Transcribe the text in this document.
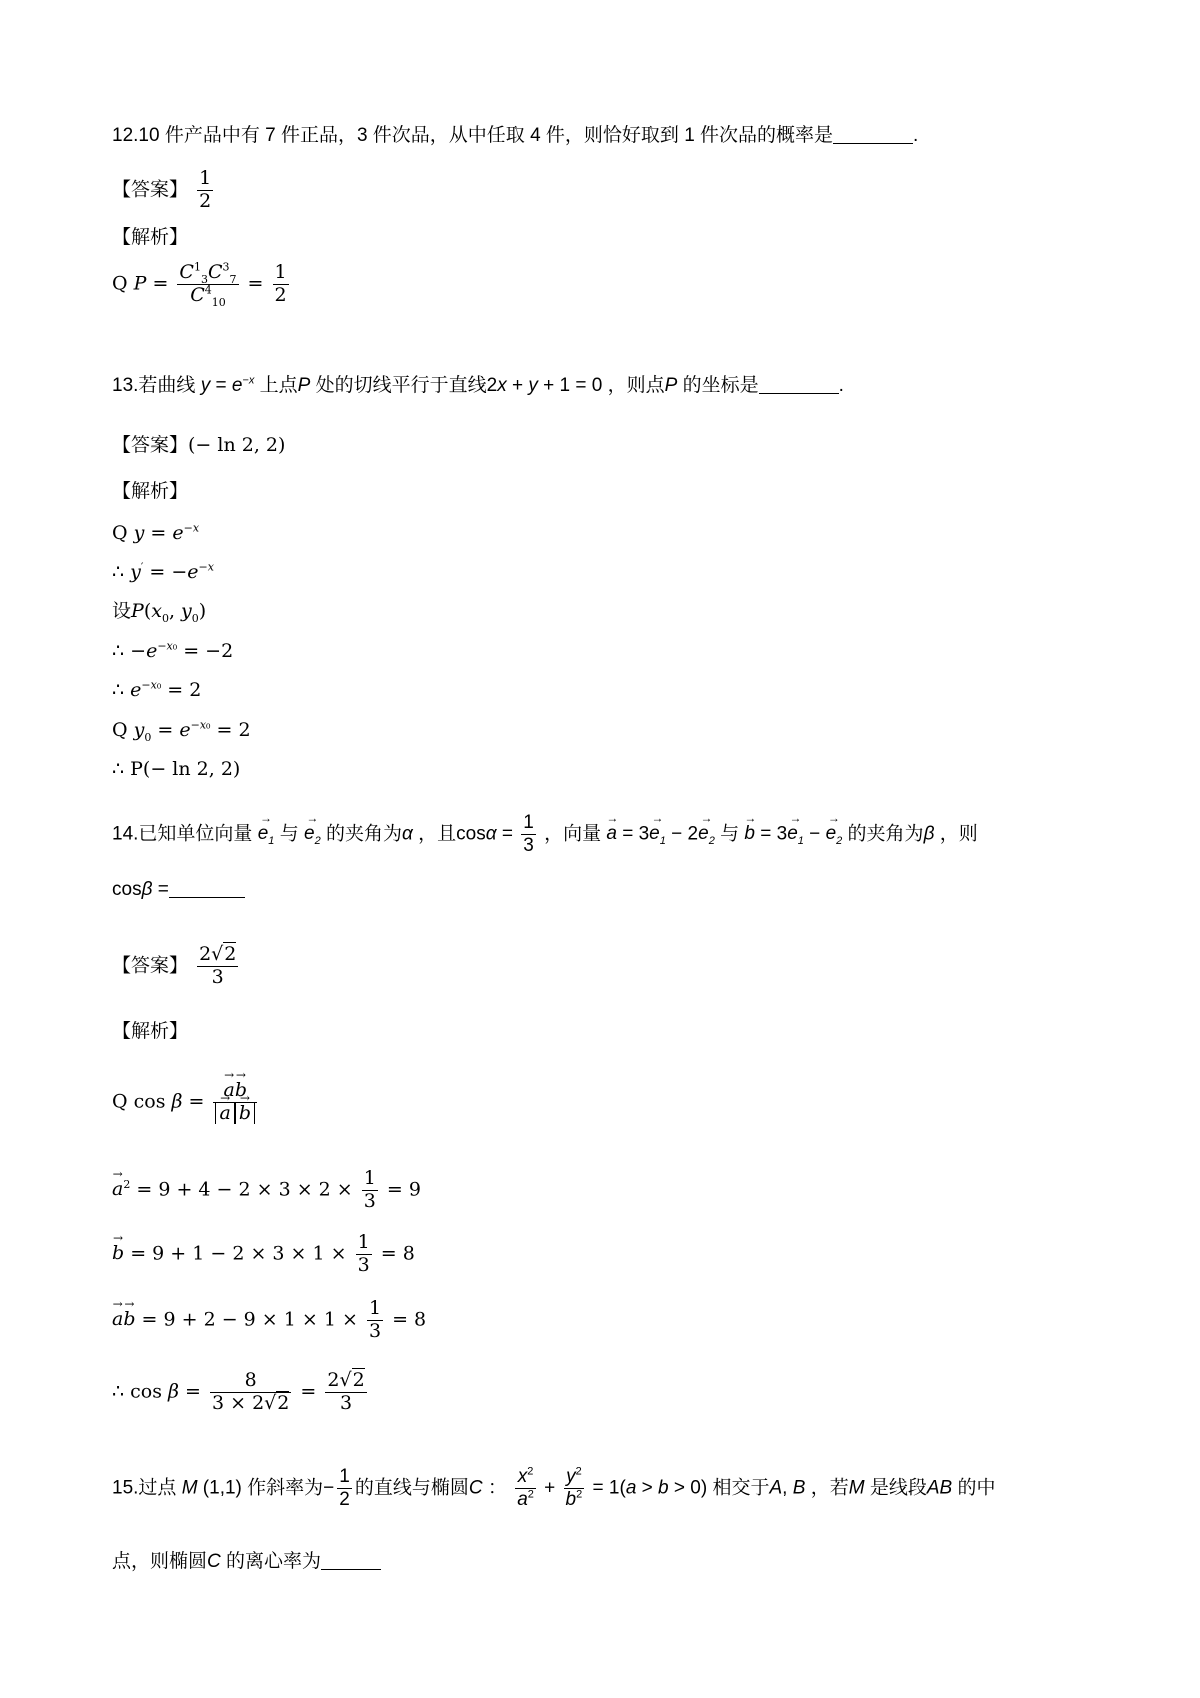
12.10 件产品中有 7 件正品，3 件次品，从中任取 4 件，则恰好取到 1 件次品的概率是	.
【答案】 $\frac{1}{2}$
【解析】
Q $P = \frac{C^1_3C^3_7}{C^4_{10}} = \frac{1}{2}$
13.若曲线 $y = e^{-x}$ 上点P 处的切线平行于直线2x + y + 1 = 0 ，则点P 的坐标是	.
【答案】(− ln 2, 2)
【解析】
Q $y = e^{-x}$
∴ $y' = -e^{-x}$
设$P(x_0$, $y_0$)
∴ $-e^{-x_0} = -2$
∴ $e^{-x_0} = 2$
Q $y_0 = e^{-x_0} = 2$
∴ P(− ln 2, 2)
14.已知单位向量 → $e_1$ 与 → $e_2$ 的夹角为α ，且$\cos\alpha = \frac{1}{3}$ ，向量 → $a = 3\to e_1 - 2\to e_2$ 与 → $b = 3\to e_1$ − → $e_2$ 的夹角为β ，则
cosβ =
【答案】 $\frac{2√2}{3}$
【解析】
Q cos β = → a→ b
→ a → b
→ $a^2 = 9 + 4 - 2 \times 3 \times 2 \times \frac{1}{3} = 9$
→ $b = 9 + 1 - 2 \times 3 \times 1 \times \frac{1}{3} = 8$
→ $a\to b = 9 + 2 - 9 \times 1 \times 1 \times \frac{1}{3} = 8$
∴ $\cos \beta = \frac{8}{3 \times 2√2} = \frac{2√2}{3}$
15.过点 M (1,1) 作斜率为− $\frac{1}{2}$ 的直线与椭圆C ： $\frac{x^2}{a^2} + \frac{y^2}{b^2} = 1(a > b > 0)$ 相交于A, B ，若M 是线段AB 的中
点，则椭圆C 的离心率为
